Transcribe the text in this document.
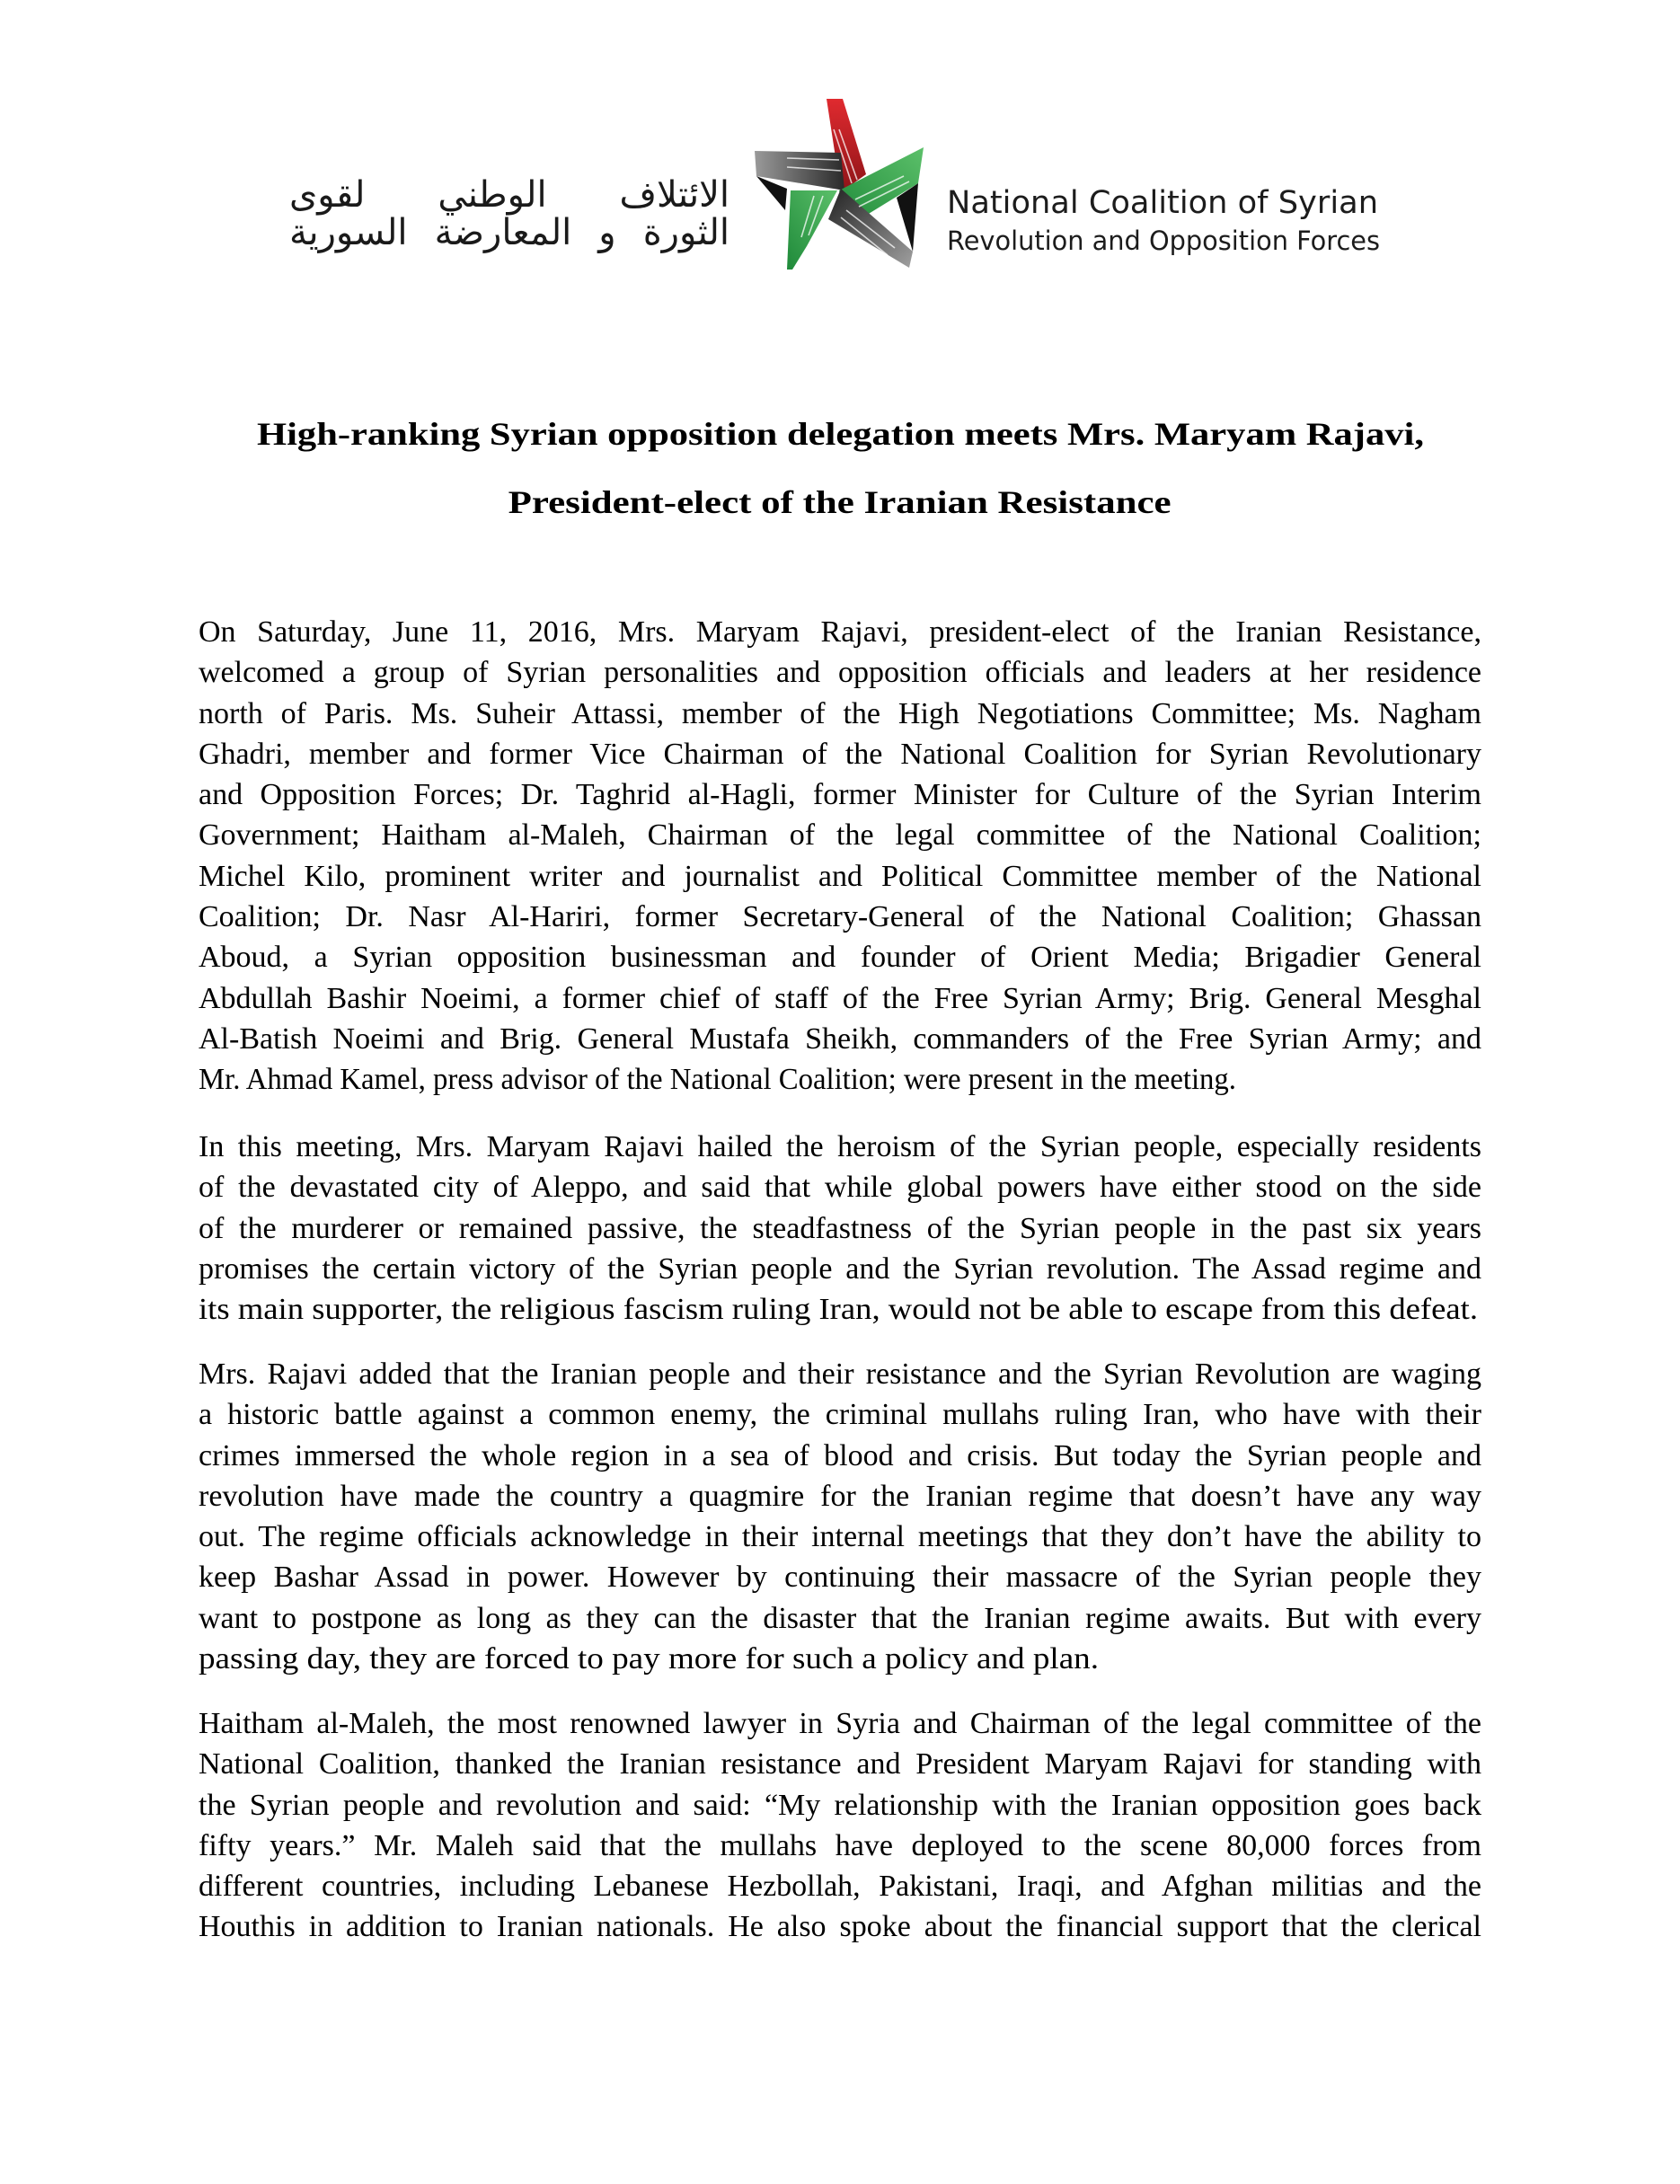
الائتلاف الوطني لقوى
الثورة و المعارضة السورية
National Coalition of Syrian
Revolution and Opposition Forces
High-ranking Syrian opposition delegation meets Mrs. Maryam Rajavi,
President-elect of the Iranian Resistance
On Saturday, June 11, 2016, Mrs. Maryam Rajavi, president-elect of the Iranian Resistance,
welcomed a group of Syrian personalities and opposition officials and leaders at her residence
north of Paris. Ms. Suheir Attassi, member of the High Negotiations Committee; Ms. Nagham
Ghadri, member and former Vice Chairman of the National Coalition for Syrian Revolutionary
and Opposition Forces; Dr. Taghrid al-Hagli, former Minister for Culture of the Syrian Interim
Government; Haitham al-Maleh, Chairman of the legal committee of the National Coalition;
Michel Kilo, prominent writer and journalist and Political Committee member of the National
Coalition; Dr. Nasr Al-Hariri, former Secretary-General of the National Coalition; Ghassan
Aboud, a Syrian opposition businessman and founder of Orient Media; Brigadier General
Abdullah Bashir Noeimi, a former chief of staff of the Free Syrian Army; Brig. General Mesghal
Al-Batish Noeimi and Brig. General Mustafa Sheikh, commanders of the Free Syrian Army; and
Mr. Ahmad Kamel, press advisor of the National Coalition; were present in the meeting.
In this meeting, Mrs. Maryam Rajavi hailed the heroism of the Syrian people, especially residents
of the devastated city of Aleppo, and said that while global powers have either stood on the side
of the murderer or remained passive, the steadfastness of the Syrian people in the past six years
promises the certain victory of the Syrian people and the Syrian revolution. The Assad regime and
its main supporter, the religious fascism ruling Iran, would not be able to escape from this defeat.
Mrs. Rajavi added that the Iranian people and their resistance and the Syrian Revolution are waging
a historic battle against a common enemy, the criminal mullahs ruling Iran, who have with their
crimes immersed the whole region in a sea of blood and crisis. But today the Syrian people and
revolution have made the country a quagmire for the Iranian regime that doesn’t have any way
out. The regime officials acknowledge in their internal meetings that they don’t have the ability to
keep Bashar Assad in power. However by continuing their massacre of the Syrian people they
want to postpone as long as they can the disaster that the Iranian regime awaits. But with every
passing day, they are forced to pay more for such a policy and plan.
Haitham al-Maleh, the most renowned lawyer in Syria and Chairman of the legal committee of the
National Coalition, thanked the Iranian resistance and President Maryam Rajavi for standing with
the Syrian people and revolution and said: “My relationship with the Iranian opposition goes back
fifty years.” Mr. Maleh said that the mullahs have deployed to the scene 80,000 forces from
different countries, including Lebanese Hezbollah, Pakistani, Iraqi, and Afghan militias and the
Houthis in addition to Iranian nationals. He also spoke about the financial support that the clerical
